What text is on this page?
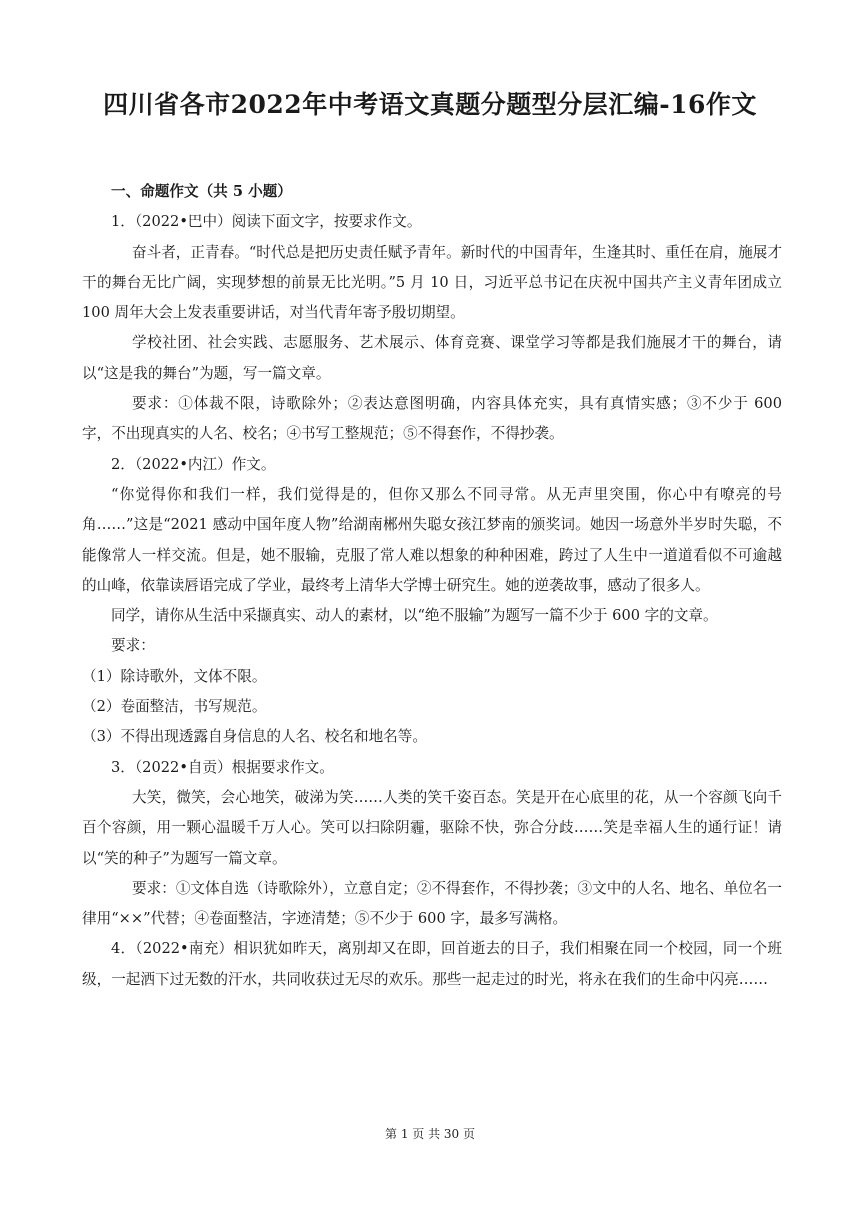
四川省各市2022年中考语文真题分题型分层汇编-16作文

一、命题作文（共 5 小题）

1．（2022•巴中）阅读下面文字，按要求作文。

奋斗者，正青春。“时代总是把历史责任赋予青年。新时代的中国青年，生逢其时、重任在肩，施展才干的舞台无比广阔，实现梦想的前景无比光明。”5 月 10 日，习近平总书记在庆祝中国共产主义青年团成立 100 周年大会上发表重要讲话，对当代青年寄予殷切期望。

学校社团、社会实践、志愿服务、艺术展示、体育竞赛、课堂学习等都是我们施展才干的舞台，请以“这是我的舞台”为题，写一篇文章。

要求：①体裁不限，诗歌除外；②表达意图明确，内容具体充实，具有真情实感；③不少于 600 字，不出现真实的人名、校名；④书写工整规范；⑤不得套作，不得抄袭。

2．（2022•内江）作文。

“你觉得你和我们一样，我们觉得是的，但你又那么不同寻常。从无声里突围，你心中有嘹亮的号角……”这是“2021 感动中国年度人物”给湖南郴州失聪女孩江梦南的颁奖词。她因一场意外半岁时失聪，不能像常人一样交流。但是，她不服输，克服了常人难以想象的种种困难，跨过了人生中一道道看似不可逾越的山峰，依靠读唇语完成了学业，最终考上清华大学博士研究生。她的逆袭故事，感动了很多人。

同学，请你从生活中采撷真实、动人的素材，以“绝不服输”为题写一篇不少于 600 字的文章。

要求：

（1）除诗歌外，文体不限。

（2）卷面整洁，书写规范。

（3）不得出现透露自身信息的人名、校名和地名等。

3．（2022•自贡）根据要求作文。

大笑，微笑，会心地笑，破涕为笑……人类的笑千姿百态。笑是开在心底里的花，从一个容颜飞向千百个容颜，用一颗心温暖千万人心。笑可以扫除阴霾，驱除不快，弥合分歧……笑是幸福人生的通行证！请以“笑的种子”为题写一篇文章。

要求：①文体自选（诗歌除外），立意自定；②不得套作，不得抄袭；③文中的人名、地名、单位名一律用“××”代替；④卷面整洁，字迹清楚；⑤不少于 600 字，最多写满格。

4．（2022•南充）相识犹如昨天，离别却又在即，回首逝去的日子，我们相聚在同一个校园，同一个班级，一起洒下过无数的汗水，共同收获过无尽的欢乐。那些一起走过的时光，将永在我们的生命中闪亮……

第 1 页 共 30 页
